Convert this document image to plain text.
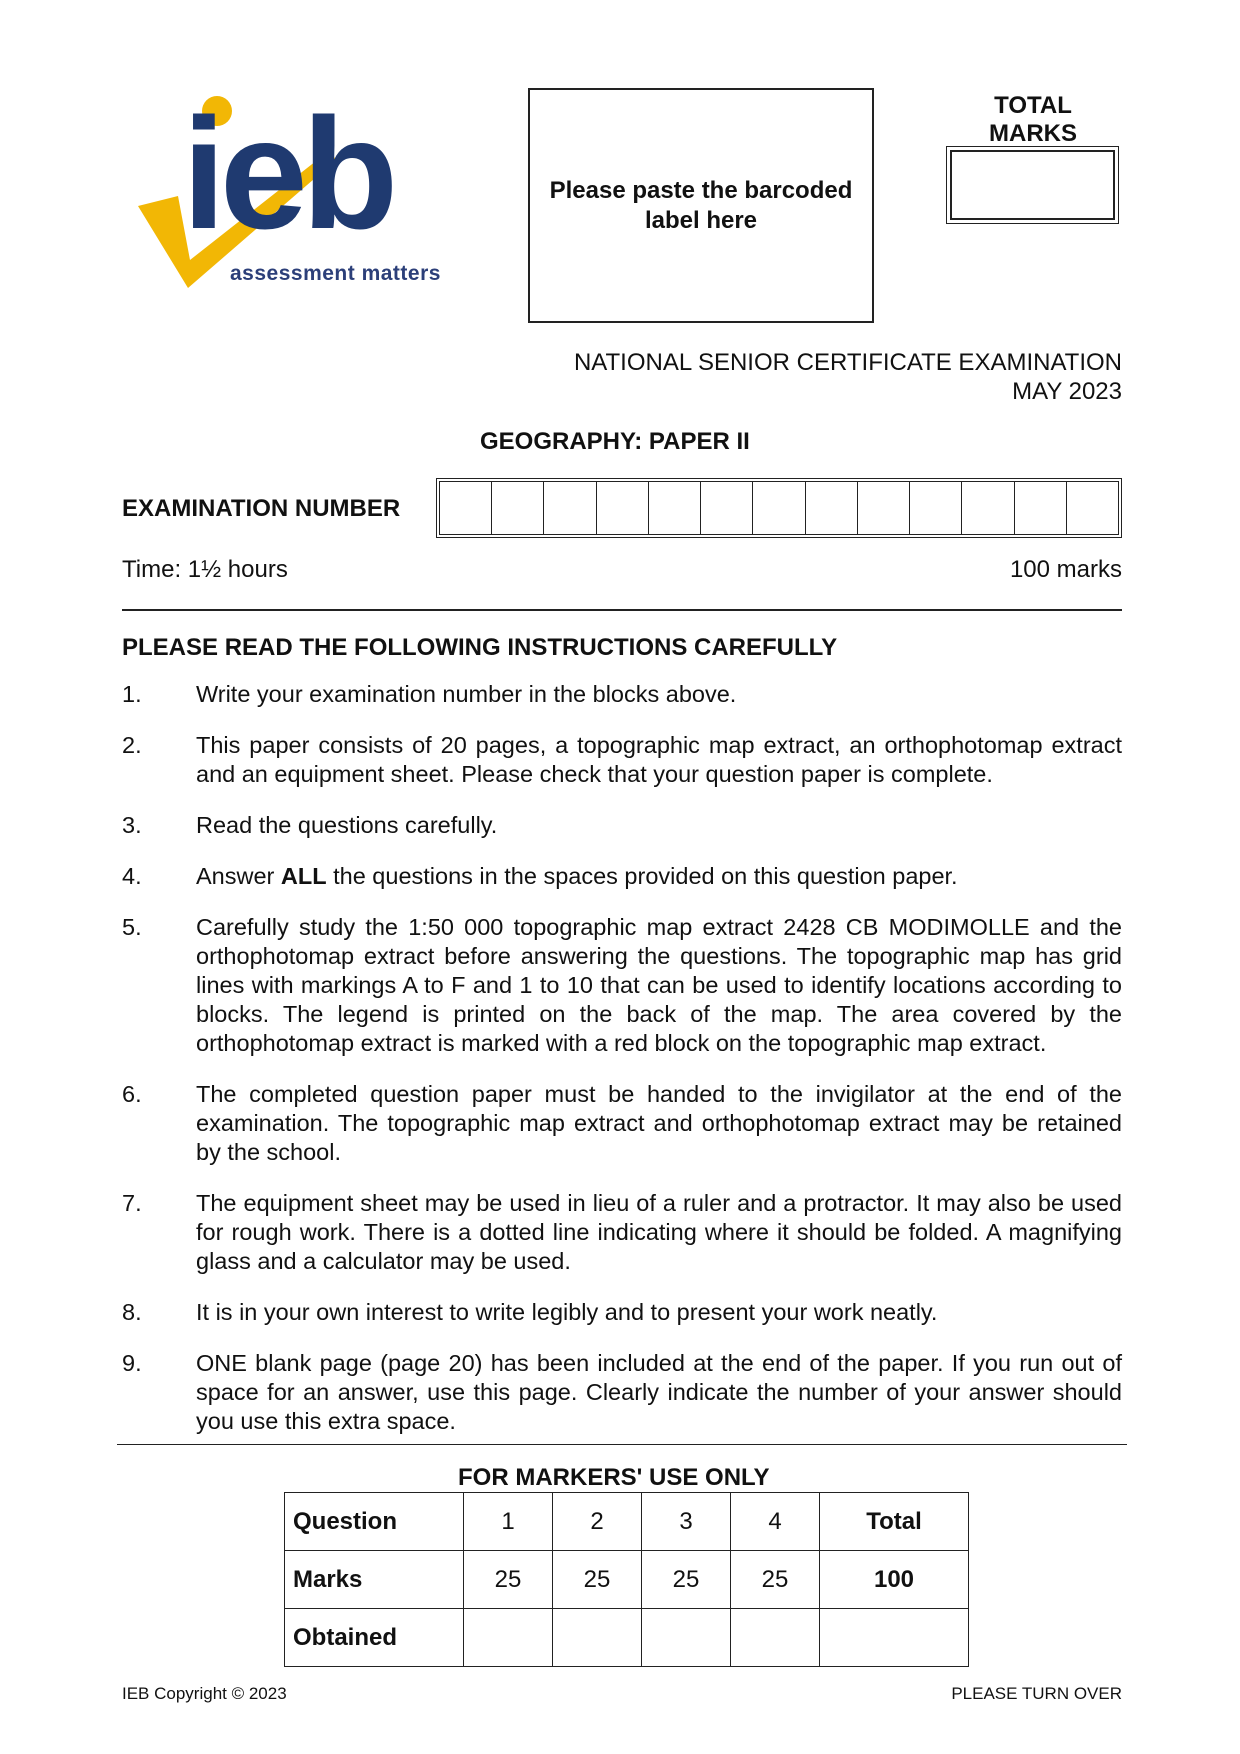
ieb
assessment matters
Please paste the barcoded label here
TOTAL MARKS
NATIONAL SENIOR CERTIFICATE EXAMINATION
MAY 2023
GEOGRAPHY: PAPER II
EXAMINATION NUMBER
Time: 1½ hours	100 marks
PLEASE READ THE FOLLOWING INSTRUCTIONS CAREFULLY
1.	Write your examination number in the blocks above.
2.	This paper consists of 20 pages, a topographic map extract, an orthophotomap extract and an equipment sheet. Please check that your question paper is complete.
3.	Read the questions carefully.
4.	Answer ALL the questions in the spaces provided on this question paper.
5.	Carefully study the 1:50 000 topographic map extract 2428 CB MODIMOLLE and the orthophotomap extract before answering the questions. The topographic map has grid lines with markings A to F and 1 to 10 that can be used to identify locations according to blocks. The legend is printed on the back of the map. The area covered by the orthophotomap extract is marked with a red block on the topographic map extract.
6.	The completed question paper must be handed to the invigilator at the end of the examination. The topographic map extract and orthophotomap extract may be retained by the school.
7.	The equipment sheet may be used in lieu of a ruler and a protractor. It may also be used for rough work. There is a dotted line indicating where it should be folded. A magnifying glass and a calculator may be used.
8.	It is in your own interest to write legibly and to present your work neatly.
9.	ONE blank page (page 20) has been included at the end of the paper. If you run out of space for an answer, use this page. Clearly indicate the number of your answer should you use this extra space.
FOR MARKERS' USE ONLY
Question	1	2	3	4	Total
Marks	25	25	25	25	100
Obtained					
IEB Copyright © 2023	PLEASE TURN OVER
